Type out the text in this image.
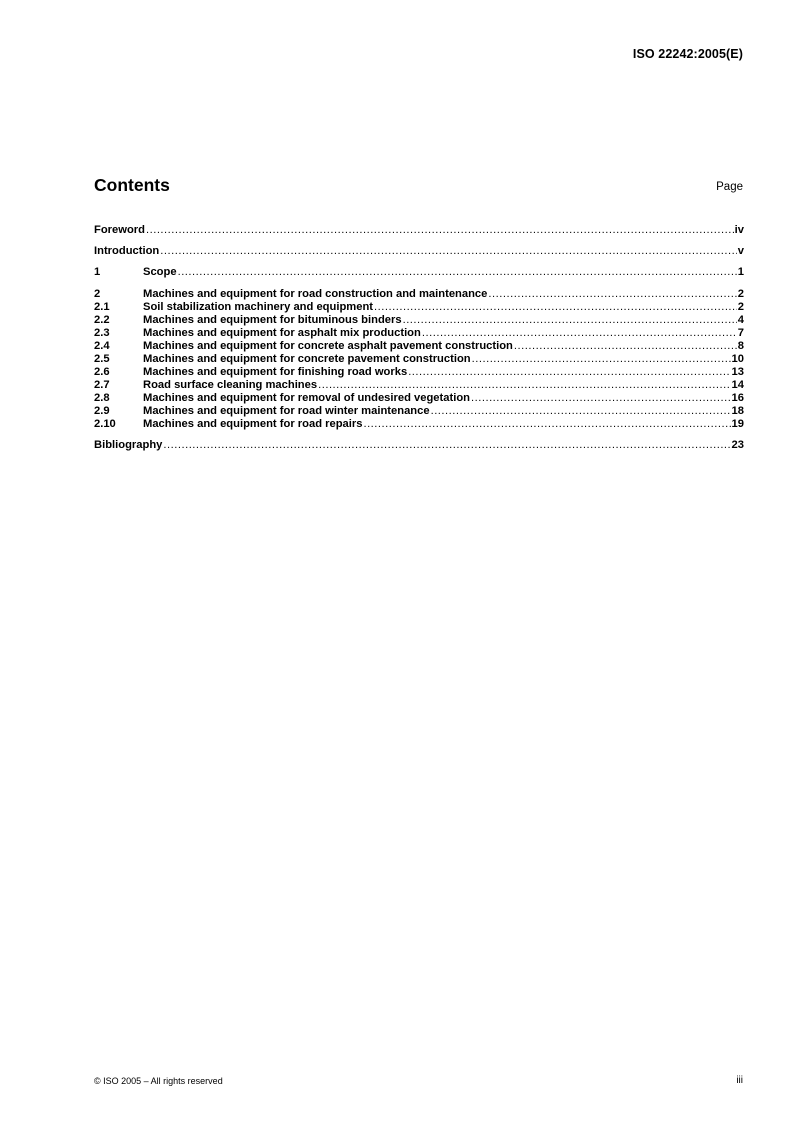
ISO 22242:2005(E)
Contents	Page
Foreword . . .	iv
Introduction . . .	v
1	Scope . . .	1
2	Machines and equipment for road construction and maintenance . . .	2
2.1	Soil stabilization machinery and equipment . . .	2
2.2	Machines and equipment for bituminous binders . . .	4
2.3	Machines and equipment for asphalt mix production . . .	7
2.4	Machines and equipment for concrete asphalt pavement construction . . .	8
2.5	Machines and equipment for concrete pavement construction . . .	10
2.6	Machines and equipment for finishing road works . . .	13
2.7	Road surface cleaning machines . . .	14
2.8	Machines and equipment for removal of undesired vegetation . . .	16
2.9	Machines and equipment for road winter maintenance . . .	18
2.10	Machines and equipment for road repairs . . .	19
Bibliography . . .	23
© ISO 2005 – All rights reserved	iii
